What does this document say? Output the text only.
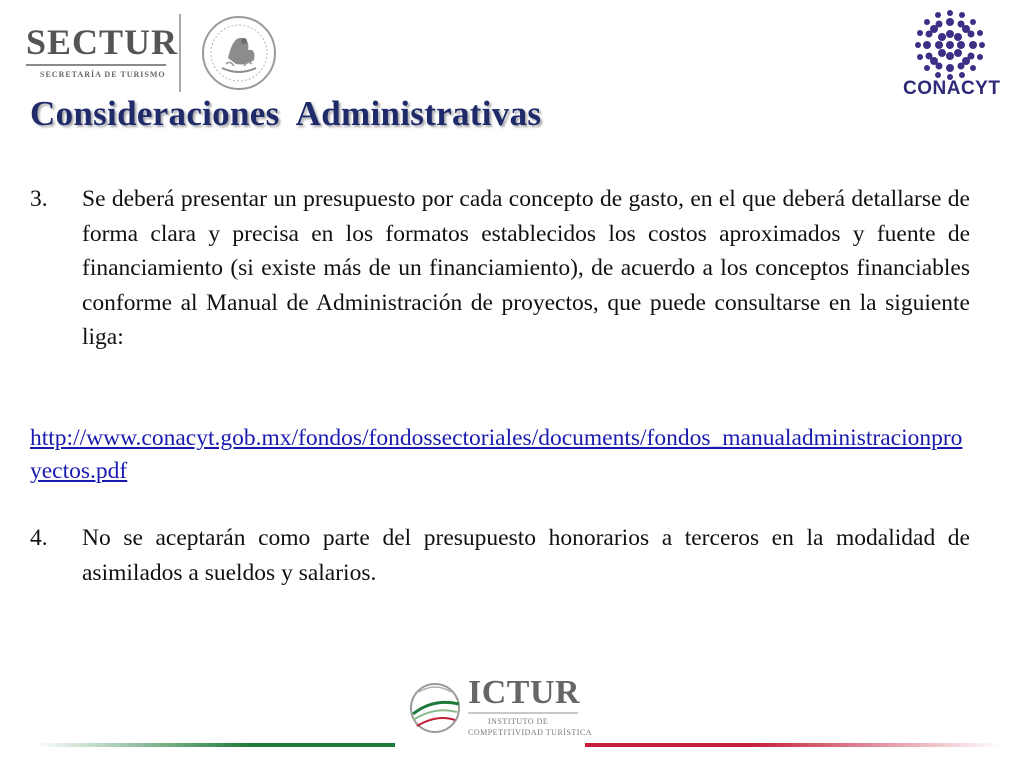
SECTUR
SECRETARÍA DE TURISMO
CONACYT
Consideraciones  Administrativas
3. Se deberá presentar un presupuesto por cada concepto de gasto, en el que deberá detallarse de forma clara y precisa en los formatos establecidos los costos aproximados y fuente de financiamiento (si existe más de un financiamiento), de acuerdo a los conceptos financiables conforme al Manual de Administración de proyectos, que puede consultarse en la siguiente liga:
http://www.conacyt.gob.mx/fondos/fondossectoriales/documents/fondos_manualadministracionproyectos.pdf
4. No se aceptarán como parte del presupuesto honorarios a terceros en la modalidad de asimilados a sueldos y salarios.
ICTUR
INSTITUTO DE
COMPETITIVIDAD TURÍSTICA
